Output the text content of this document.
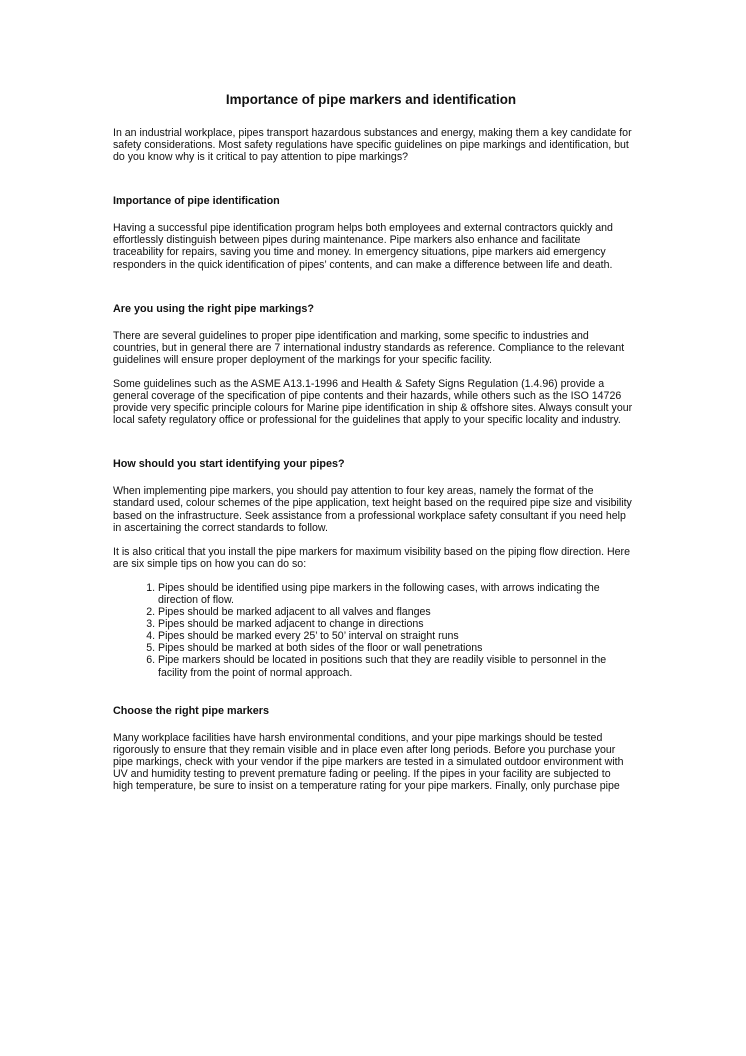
Importance of pipe markers and identification

In an industrial workplace, pipes transport hazardous substances and energy, making them a key candidate for safety considerations. Most safety regulations have specific guidelines on pipe markings and identification, but do you know why is it critical to pay attention to pipe markings?

Importance of pipe identification

Having a successful pipe identification program helps both employees and external contractors quickly and effortlessly distinguish between pipes during maintenance. Pipe markers also enhance and facilitate traceability for repairs, saving you time and money. In emergency situations, pipe markers aid emergency responders in the quick identification of pipes’ contents, and can make a difference between life and death.

Are you using the right pipe markings?

There are several guidelines to proper pipe identification and marking, some specific to industries and countries, but in general there are 7 international industry standards as reference. Compliance to the relevant guidelines will ensure proper deployment of the markings for your specific facility.

Some guidelines such as the ASME A13.1-1996 and Health & Safety Signs Regulation (1.4.96) provide a general coverage of the specification of pipe contents and their hazards, while others such as the ISO 14726 provide very specific principle colours for Marine pipe identification in ship & offshore sites. Always consult your local safety regulatory office or professional for the guidelines that apply to your specific locality and industry.

How should you start identifying your pipes?

When implementing pipe markers, you should pay attention to four key areas, namely the format of the standard used, colour schemes of the pipe application, text height based on the required pipe size and visibility based on the infrastructure. Seek assistance from a professional workplace safety consultant if you need help in ascertaining the correct standards to follow.

It is also critical that you install the pipe markers for maximum visibility based on the piping flow direction. Here are six simple tips on how you can do so:

1. Pipes should be identified using pipe markers in the following cases, with arrows indicating the direction of flow.
2. Pipes should be marked adjacent to all valves and flanges
3. Pipes should be marked adjacent to change in directions
4. Pipes should be marked every 25’ to 50’ interval on straight runs
5. Pipes should be marked at both sides of the floor or wall penetrations
6. Pipe markers should be located in positions such that they are readily visible to personnel in the facility from the point of normal approach.
Choose the right pipe markers

Many workplace facilities have harsh environmental conditions, and your pipe markings should be tested rigorously to ensure that they remain visible and in place even after long periods. Before you purchase your pipe markings, check with your vendor if the pipe markers are tested in a simulated outdoor environment with UV and humidity testing to prevent premature fading or peeling. If the pipes in your facility are subjected to high temperature, be sure to insist on a temperature rating for your pipe markers. Finally, only purchase pipe
